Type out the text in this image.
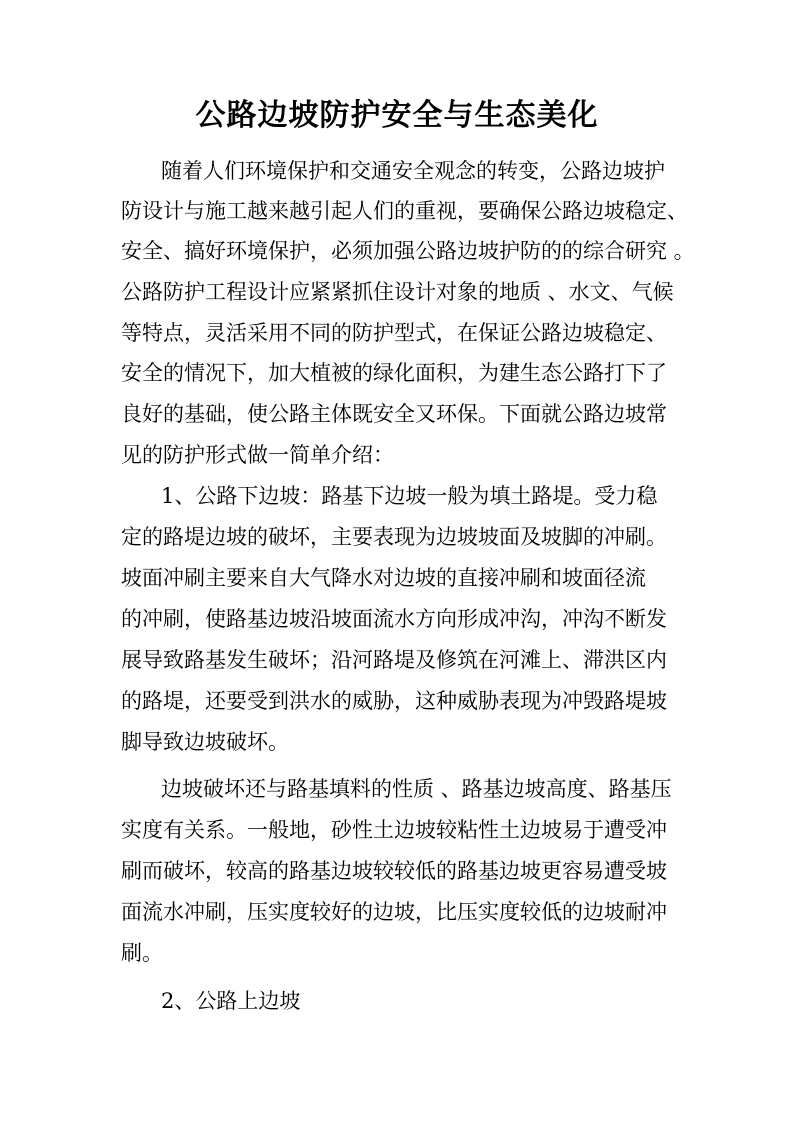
公路边坡防护安全与生态美化

随着人们环境保护和交通安全观念的转变，公路边坡护

防设计与施工越来越引起人们的重视，要确保公路边坡稳定、

安全、搞好环境保护，必须加强公路边坡护防的的综合研究 。

公路防护工程设计应紧紧抓住设计对象的地质 、水文、气候

等特点，灵活采用不同的防护型式，在保证公路边坡稳定、

安全的情况下，加大植被的绿化面积，为建生态公路打下了

良好的基础，使公路主体既安全又环保。下面就公路边坡常

见的防护形式做一简单介绍：

1、公路下边坡：路基下边坡一般为填土路堤。受力稳

定的路堤边坡的破坏，主要表现为边坡坡面及坡脚的冲刷。

坡面冲刷主要来自大气降水对边坡的直接冲刷和坡面径流

的冲刷，使路基边坡沿坡面流水方向形成冲沟，冲沟不断发

展导致路基发生破坏；沿河路堤及修筑在河滩上、滞洪区内

的路堤，还要受到洪水的威胁，这种威胁表现为冲毁路堤坡

脚导致边坡破坏。

边坡破坏还与路基填料的性质 、路基边坡高度、路基压

实度有关系。一般地，砂性土边坡较粘性土边坡易于遭受冲

刷而破坏，较高的路基边坡较较低的路基边坡更容易遭受坡

面流水冲刷，压实度较好的边坡，比压实度较低的边坡耐冲

刷。

2、公路上边坡
